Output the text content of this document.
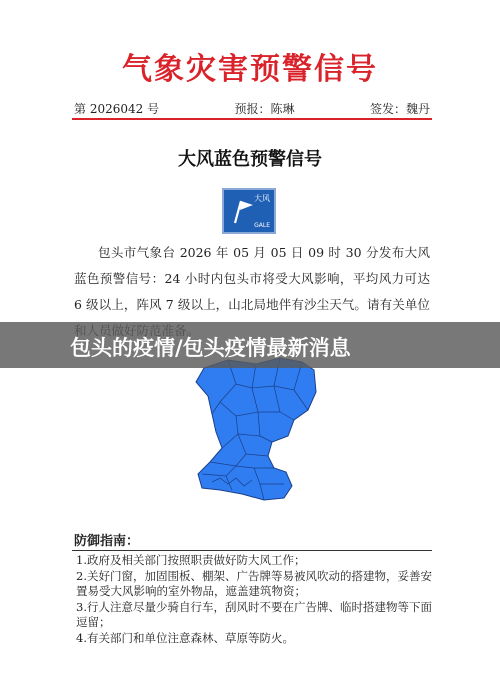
气象灾害预警信号
第 2026042 号	预报：陈琳	签发：魏丹
大风蓝色预警信号
大风
GALE
包头市气象台 2026 年 05 月 05 日 09 时 30 分发布大风蓝色预警信号：24 小时内包头市将受大风影响，平均风力可达 6 级以上，阵风 7 级以上，山北局地伴有沙尘天气。请有关单位
包头的疫情/包头疫情最新消息
防御指南：
1.政府及相关部门按照职责做好防大风工作；
2.关好门窗，加固围板、棚架、广告牌等易被风吹动的搭建物，妥善安置易受大风影响的室外物品，遮盖建筑物资；
3.行人注意尽量少骑自行车，刮风时不要在广告牌、临时搭建物等下面逗留；
4.有关部门和单位注意森林、草原等防火。
